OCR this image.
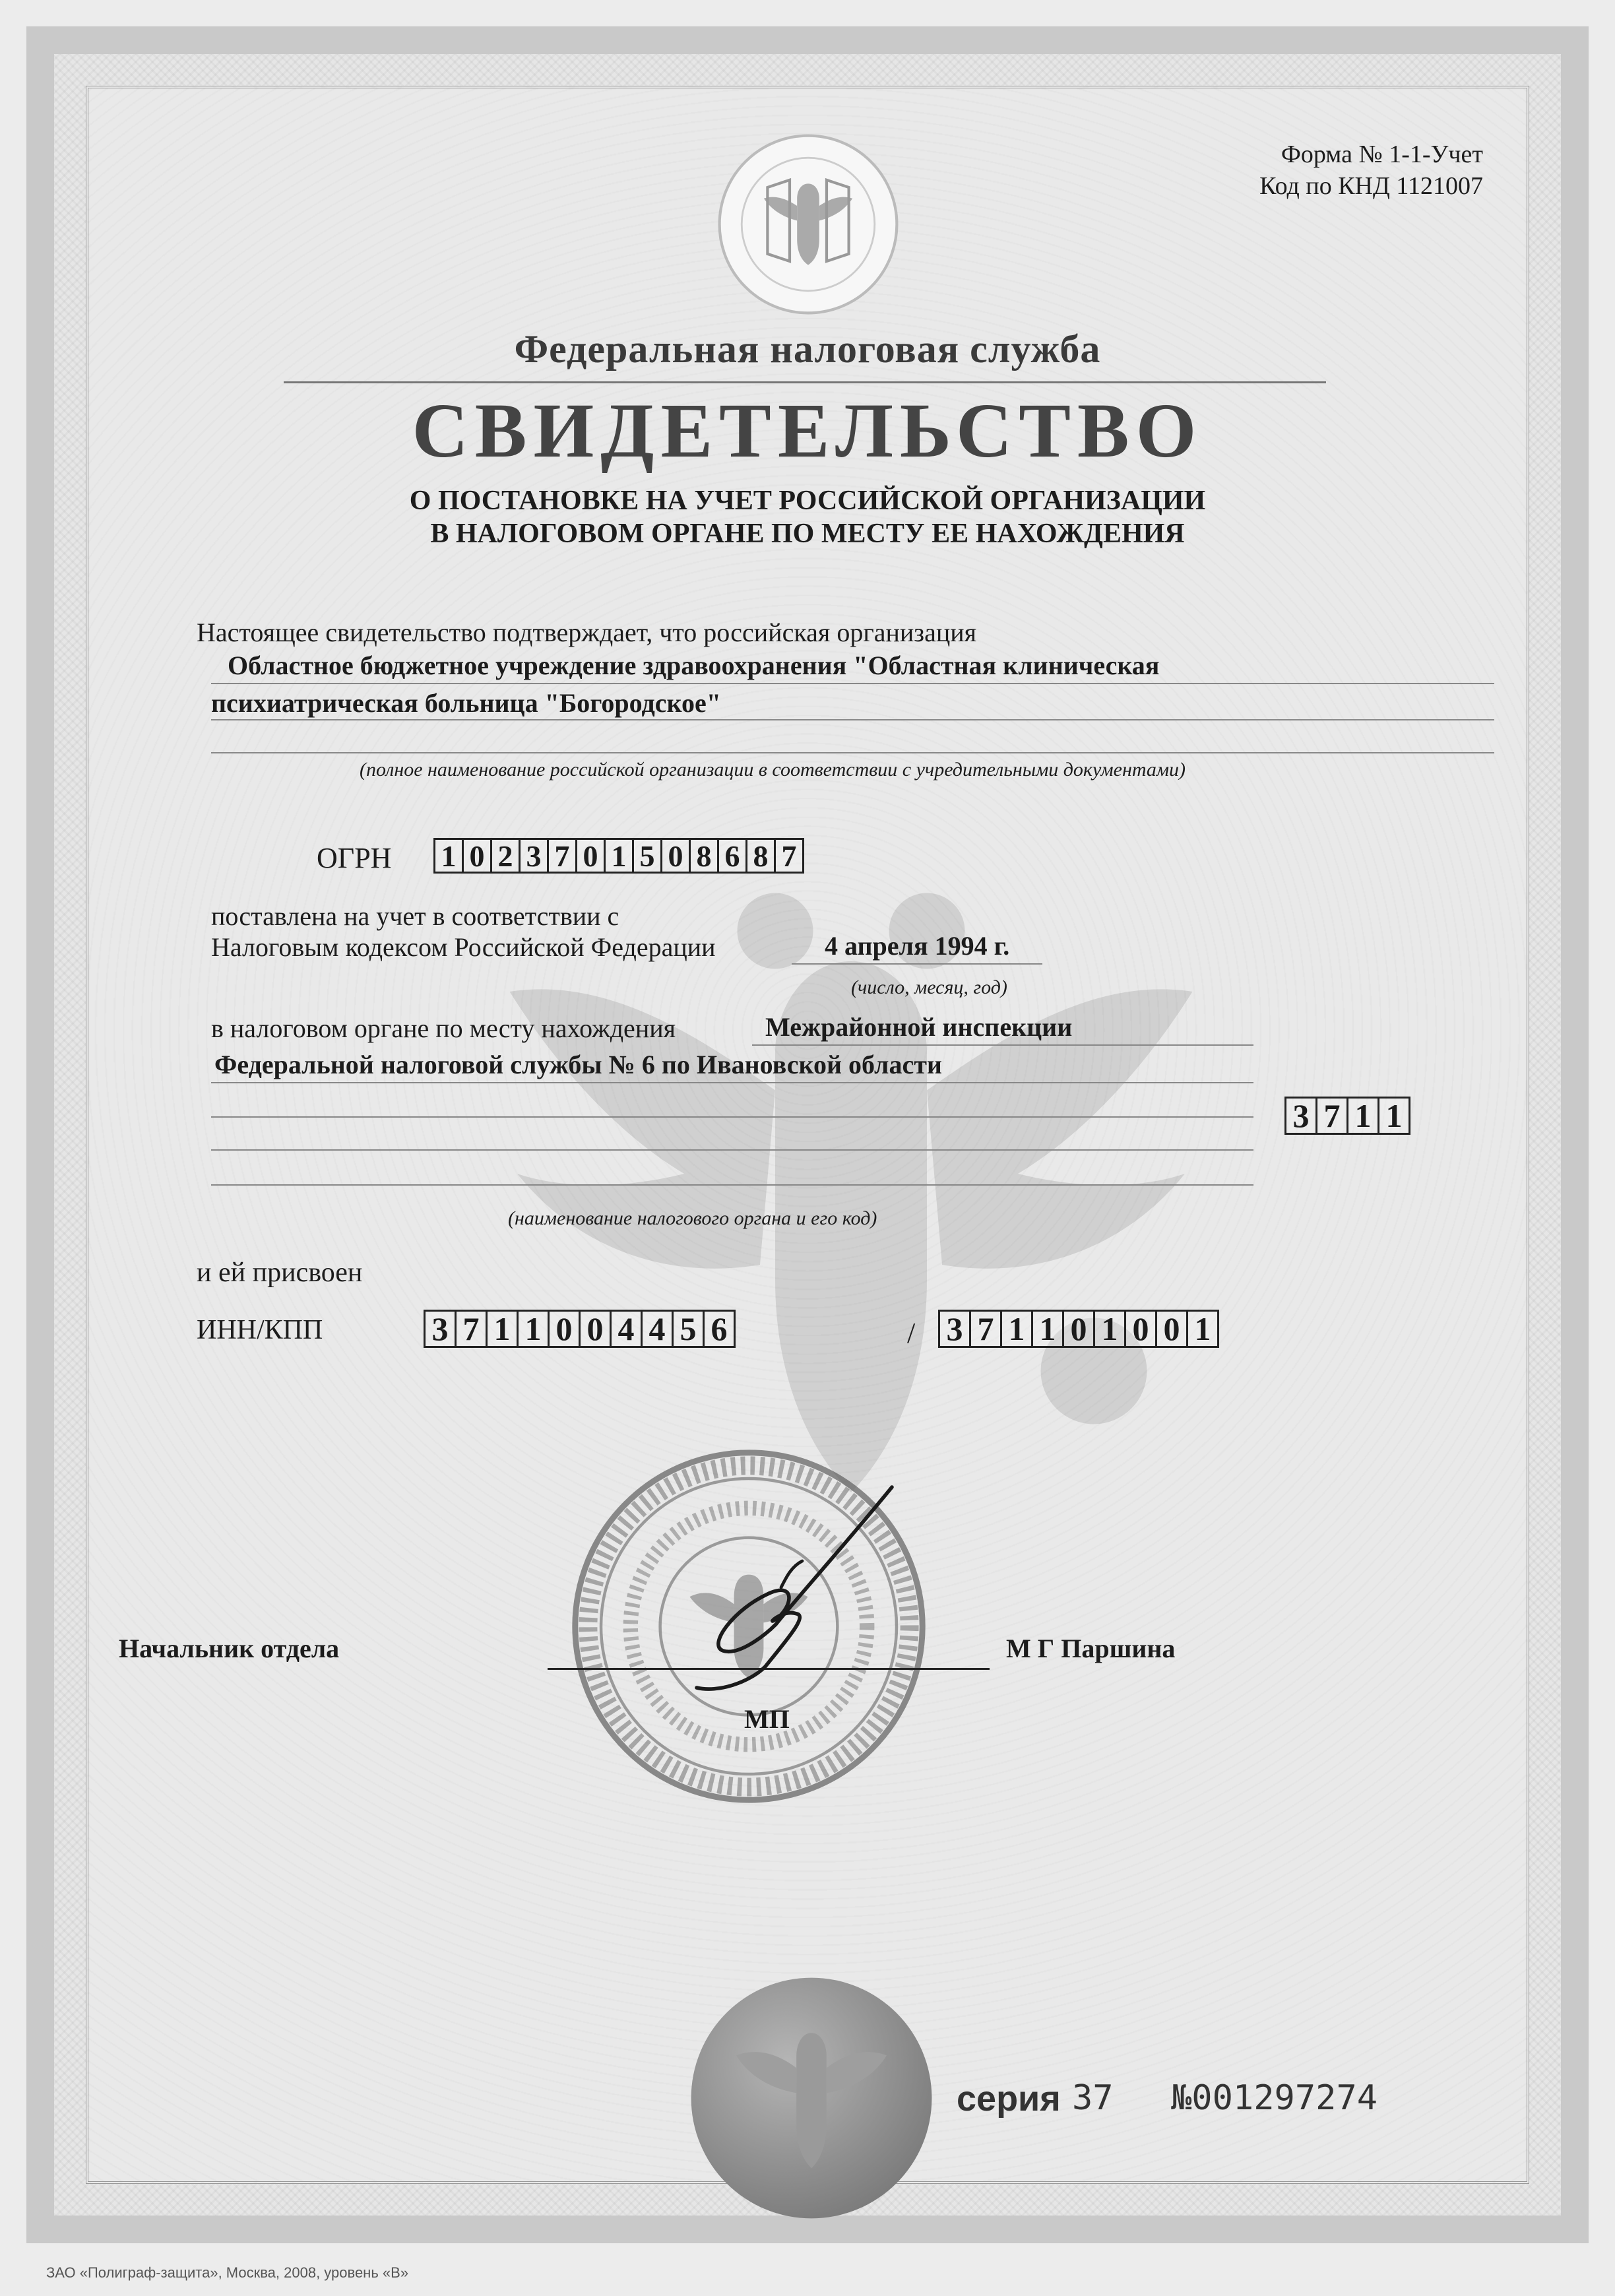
Форма № 1-1-Учет
Код по КНД 1121007
Федеральная налоговая служба
СВИДЕТЕЛЬСТВО
О ПОСТАНОВКЕ НА УЧЕТ РОССИЙСКОЙ ОРГАНИЗАЦИИ
В НАЛОГОВОМ ОРГАНЕ ПО МЕСТУ ЕЕ НАХОЖДЕНИЯ
Настоящее свидетельство подтверждает, что российская организация
Областное бюджетное учреждение здравоохранения "Областная клиническая
психиатрическая больница "Богородское"
(полное наименование российской организации в соответствии с учредительными документами)
ОГРН 1 0 2 3 7 0 1 5 0 8 6 8 7
поставлена на учет в соответствии с
Налоговым кодексом Российской Федерации	4 апреля 1994 г.
(число, месяц, год)
в налоговом органе по месту нахождения	Межрайонной инспекции
Федеральной налоговой службы № 6 по Ивановской области
3 7 1 1
(наименование налогового органа и его код)
и ей присвоен
ИНН/КПП	3 7 1 1 0 0 4 4 5 6	/ 3 7 1 1 0 1 0 0 1
Начальник отдела	М Г Паршина
МП
серия 37 №001297274
ЗАО «Полиграф-защита», Москва, 2008, уровень «В»
